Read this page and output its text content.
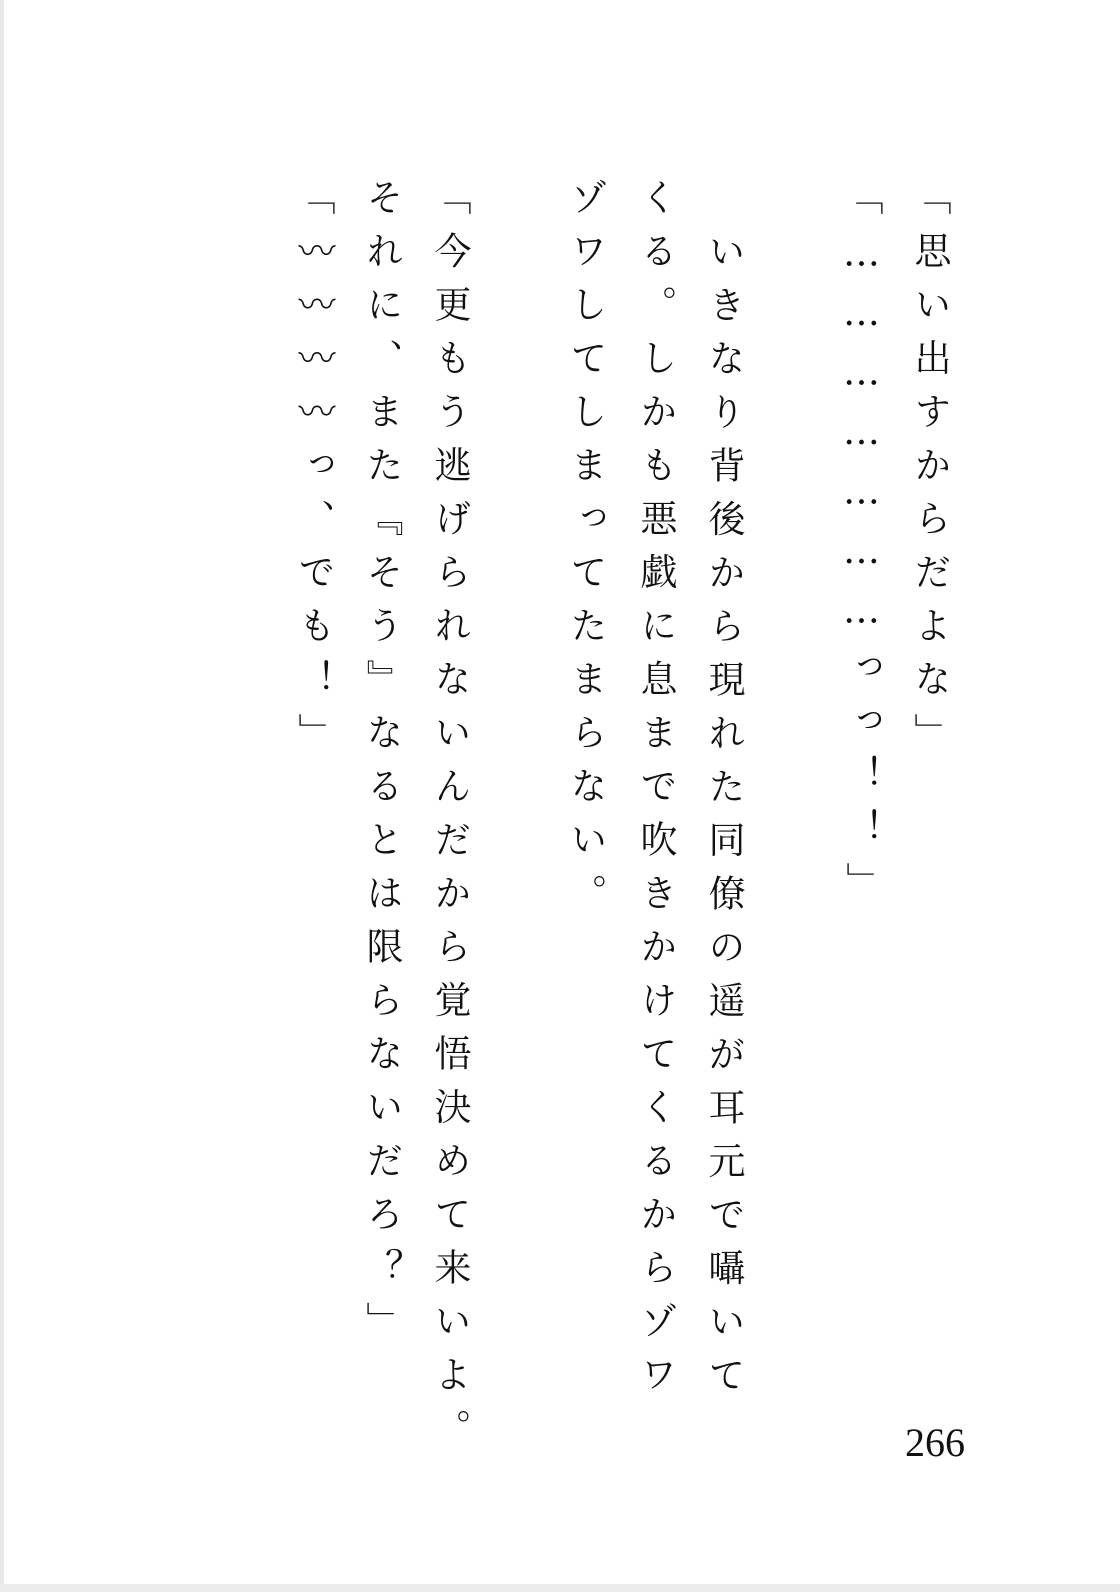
「思い出すからだよな」

「…………………っっ！！」

いきなり背後から現れた同僚の遥が耳元で囁いて

くる。しかも悪戯に息まで吹きかけてくるからゾワ

ゾワしてしまってたまらない。

「今更もう逃げられないんだから覚悟決めて来いよ。

それに、また『そう』なるとは限らないだろ？」

「〰〰〰〰っ、でも！」

266
